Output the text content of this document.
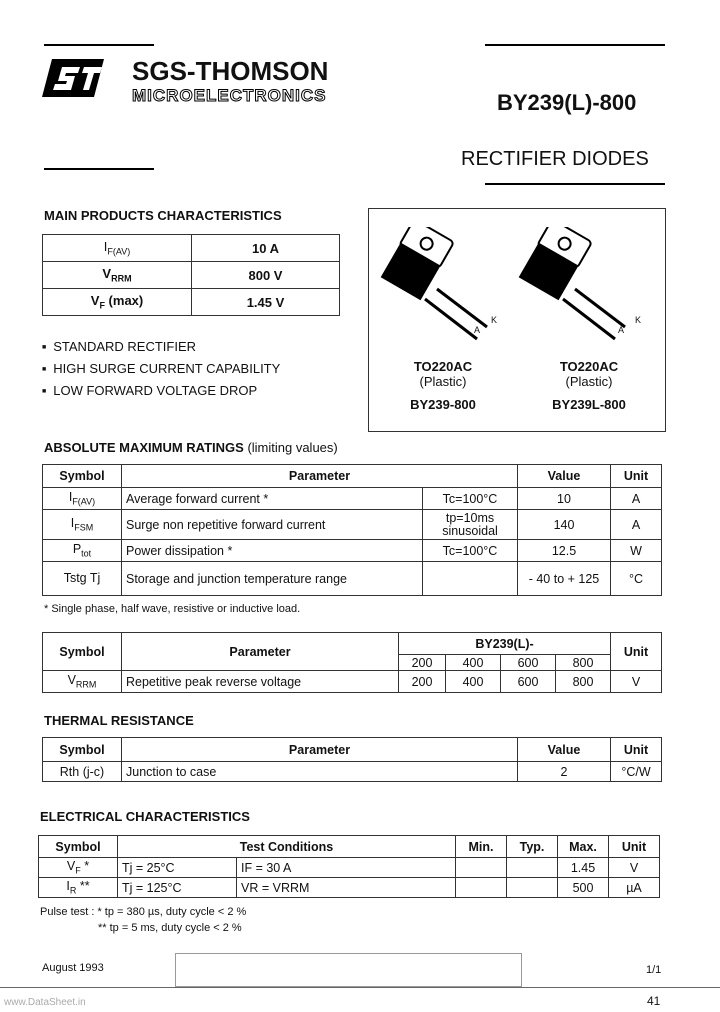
SGS-THOMSON
MICROELECTRONICS	BY239(L)-800
RECTIFIER DIODES
MAIN PRODUCTS CHARACTERISTICS
$I_{F(AV)}$	10 A
$V_{RRM}$	800 V
$V_F$ (max)	1.45 V
■ STANDARD RECTIFIER
■ HIGH SURGE CURRENT CAPABILITY
■ LOW FORWARD VOLTAGE DROP
A
K
A
K
TO220AC
(Plastic)
BY239-800
TO220AC
(Plastic)
BY239L-800
ABSOLUTE MAXIMUM RATINGS (limiting values)
Symbol	Parameter		Value	Unit
$I_{F(AV)}$	Average forward current *	Tc=100°C	10	A
$I_{FSM}$	Surge non repetitive forward current	tp=10ms sinusoidal	140	A
$P_{tot}$	Power dissipation *	Tc=100°C	12.5	W
Tstg Tj	Storage and junction temperature range		- 40 to + 125	°C
* Single phase, half wave, resistive or inductive load.
Symbol	Parameter	BY239(L)-				Unit
		200	400	600	800	
$V_{RRM}$	Repetitive peak reverse voltage	200	400	600	800	V
THERMAL RESISTANCE
Symbol	Parameter	Value	Unit
Rth (j-c)	Junction to case	2	°C/W
ELECTRICAL CHARACTERISTICS
Symbol	Test Conditions		Min.	Typ.	Max.	Unit
$V_F$ *	Tj = 25°C	IF = 30 A			1.45	V
$I_R$ **	Tj = 125°C	VR = VRRM			500	µA
Pulse test : * tp = 380 µs, duty cycle < 2 %
** tp = 5 ms, duty cycle < 2 %
August 1993	1/1
www.DataSheet.in	41
